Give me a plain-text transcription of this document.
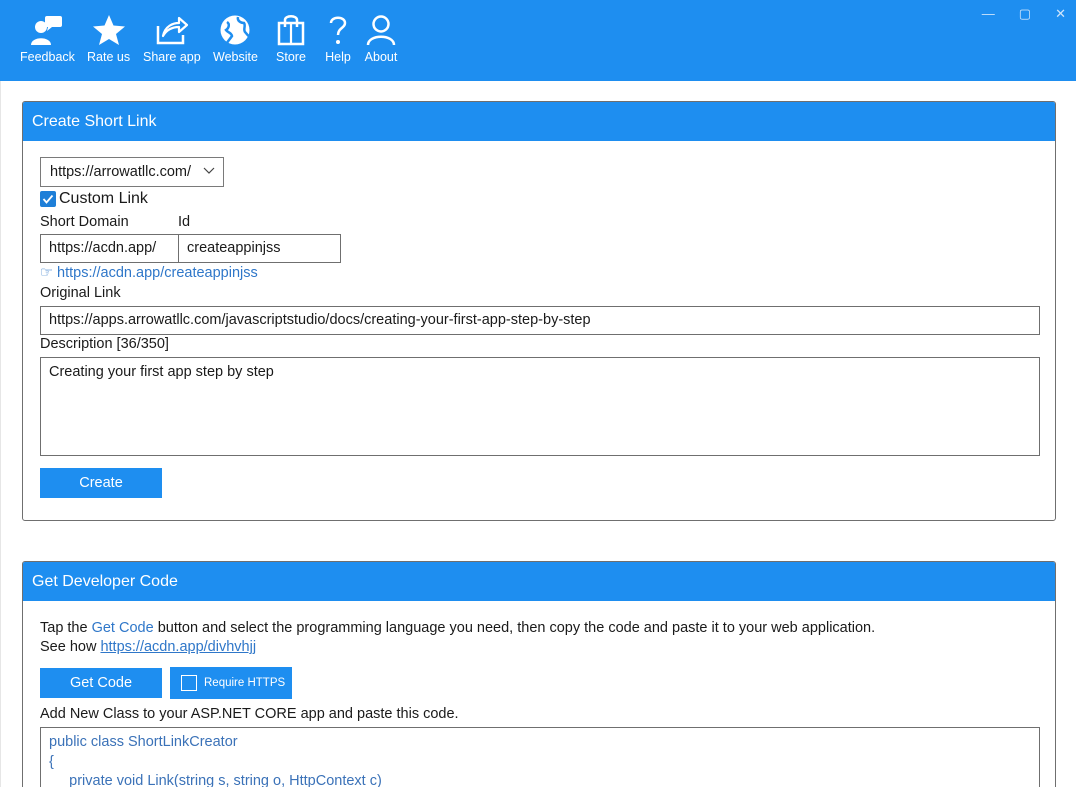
Feedback Rate us Share app Website Store Help About
— ▢ ✕
Create Short Link
https://arrowatllc.com/
Custom Link
Short Domain	Id
https://acdn.app/	createappinjss
☞ https://acdn.app/createappinjss
Original Link
https://apps.arrowatllc.com/javascriptstudio/docs/creating-your-first-app-step-by-step
Description [36/350]
Creating your first app step by step
Create
Get Developer Code
Tap the Get Code button and select the programming language you need, then copy the code and paste it to your web application.
See how https://acdn.app/divhvhjj
Get Code	Require HTTPS
Add New Class to your ASP.NET CORE app and paste this code.
public class ShortLinkCreator
{
private void Link(string s, string o, HttpContext c)
